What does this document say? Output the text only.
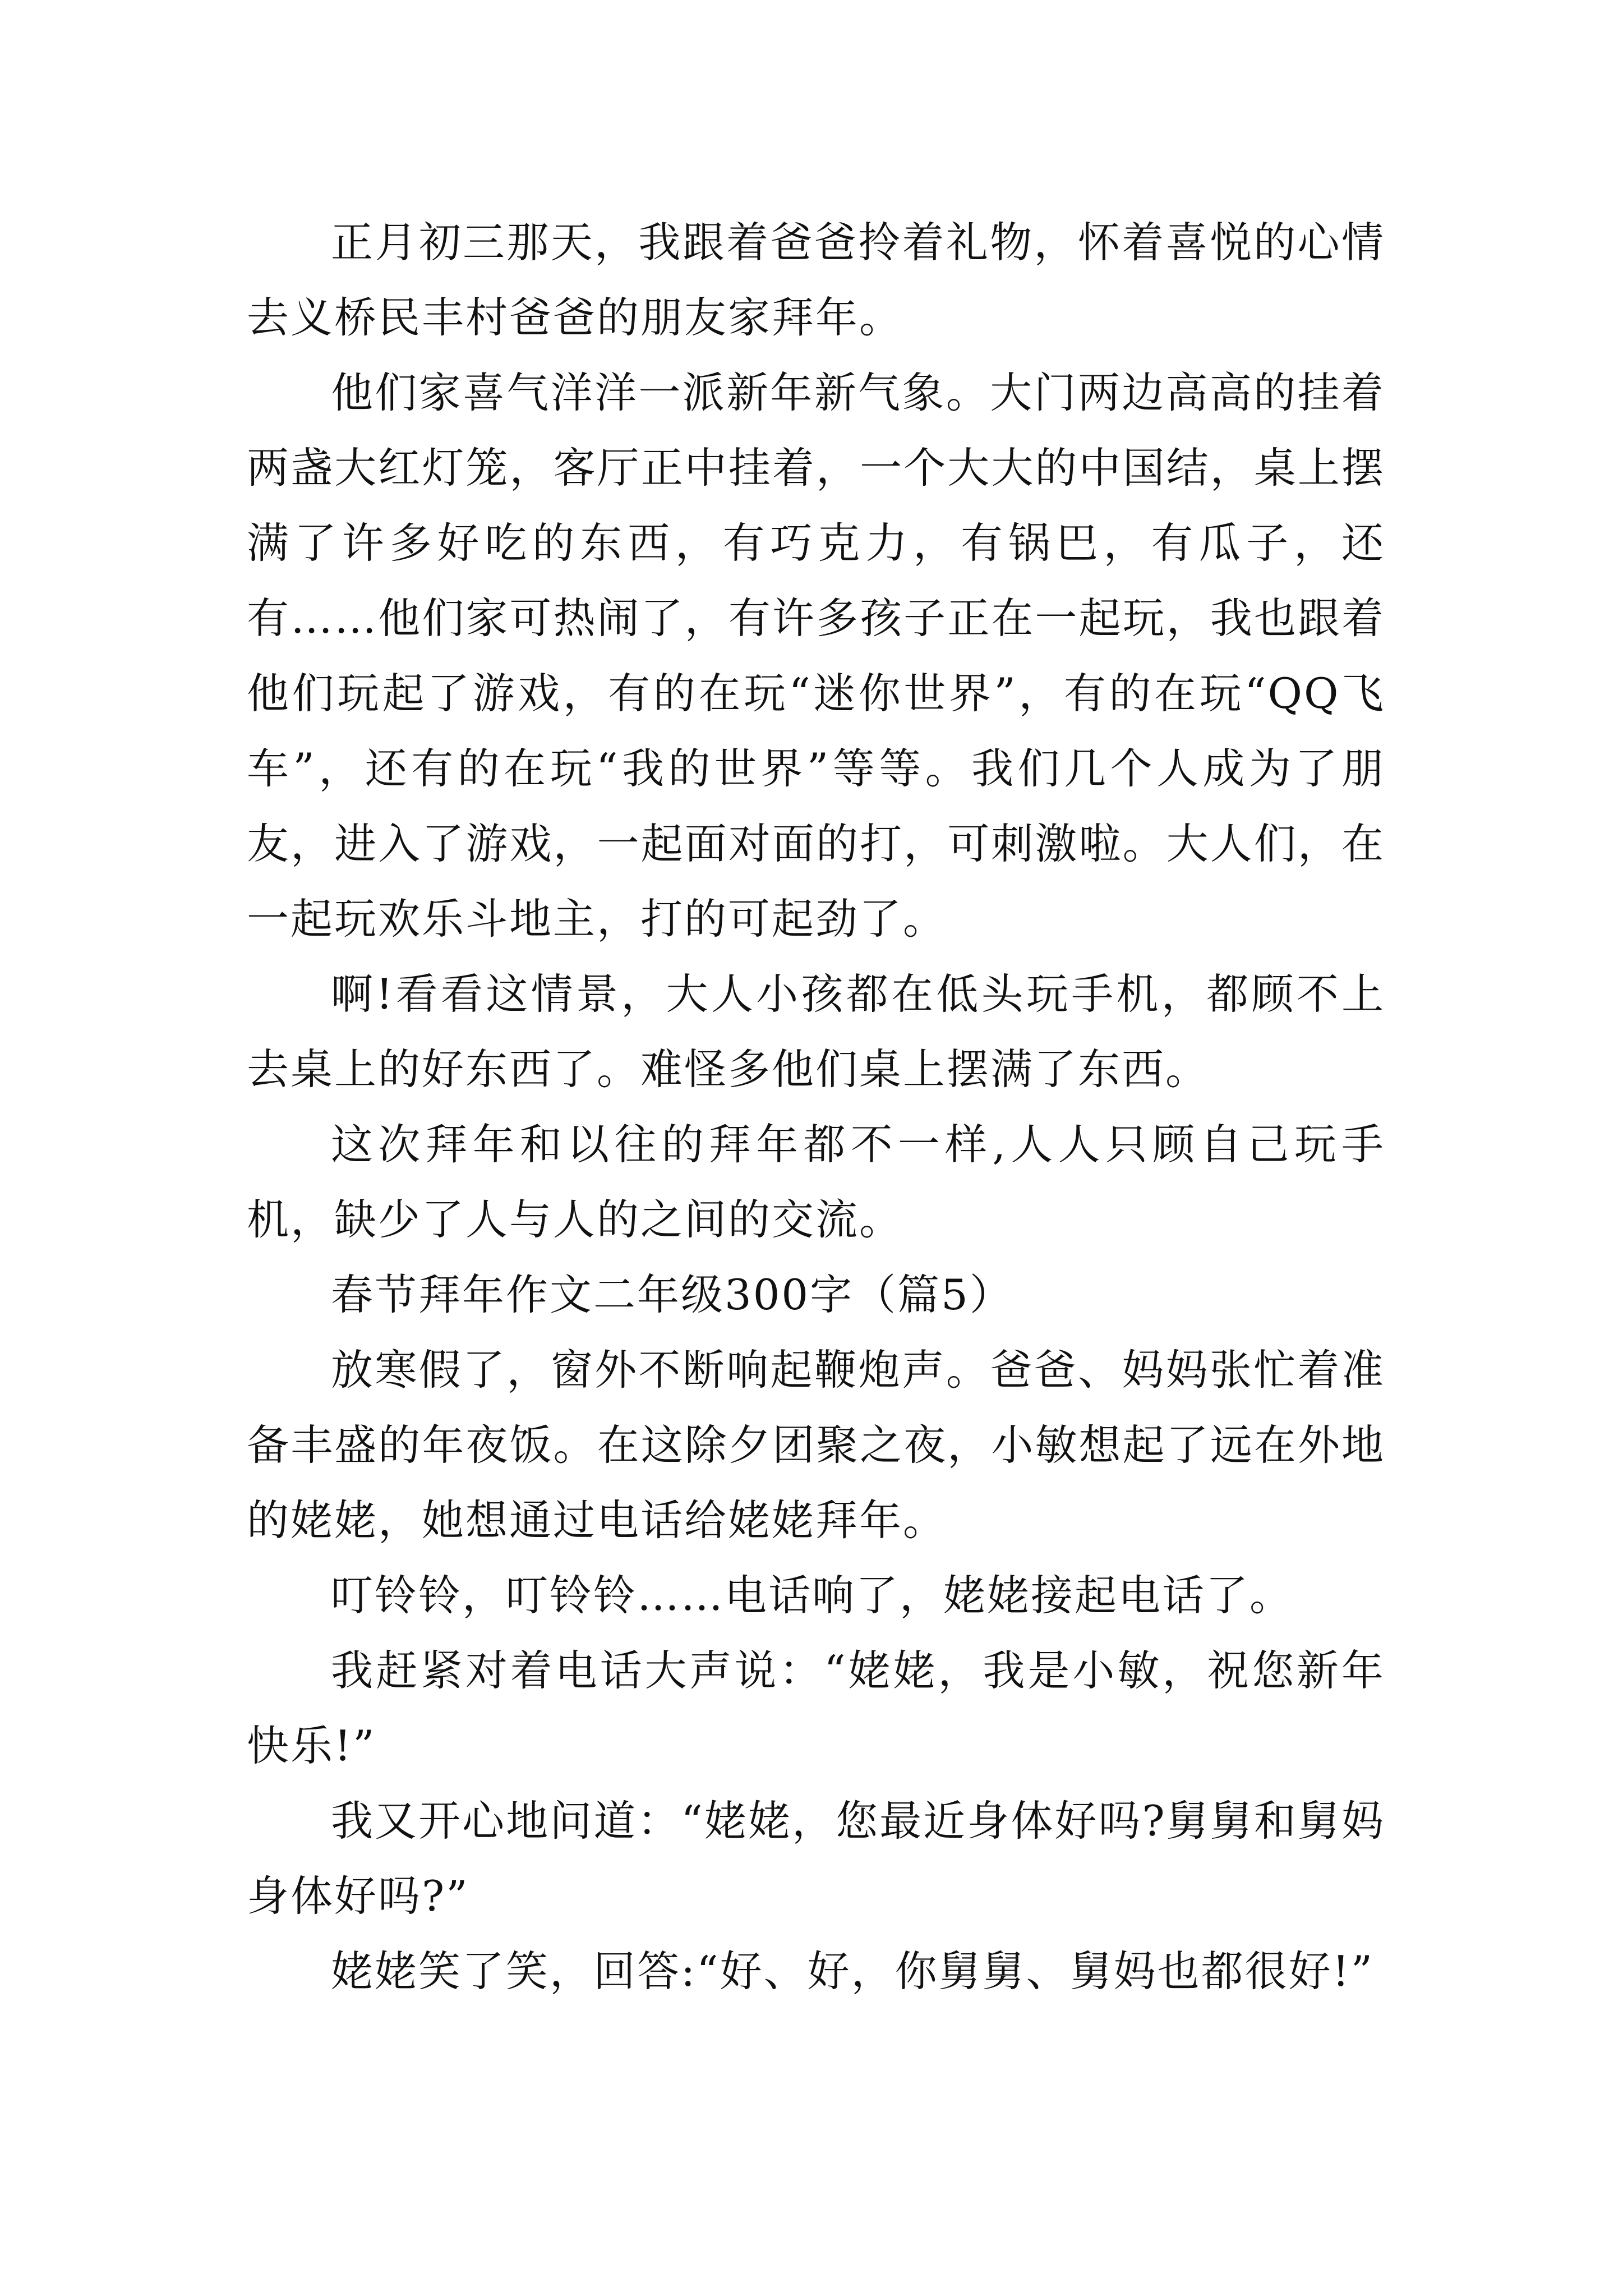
正月初三那天，我跟着爸爸拎着礼物，怀着喜悦的心情去义桥民丰村爸爸的朋友家拜年。

他们家喜气洋洋一派新年新气象。大门两边高高的挂着两盏大红灯笼，客厅正中挂着，一个大大的中国结，桌上摆满了许多好吃的东西，有巧克力，有锅巴，有瓜子，还有……他们家可热闹了，有许多孩子正在一起玩，我也跟着他们玩起了游戏，有的在玩“迷你世界”，有的在玩“QQ飞车”，还有的在玩“我的世界”等等。我们几个人成为了朋友，进入了游戏，一起面对面的打，可刺激啦。大人们，在一起玩欢乐斗地主，打的可起劲了。

啊!看看这情景，大人小孩都在低头玩手机，都顾不上去桌上的好东西了。难怪多他们桌上摆满了东西。

这次拜年和以往的拜年都不一样,人人只顾自己玩手机，缺少了人与人的之间的交流。

春节拜年作文二年级300字（篇5）

放寒假了，窗外不断响起鞭炮声。爸爸、妈妈张忙着准备丰盛的年夜饭。在这除夕团聚之夜，小敏想起了远在外地的姥姥，她想通过电话给姥姥拜年。

叮铃铃，叮铃铃……电话响了，姥姥接起电话了。

我赶紧对着电话大声说：“姥姥，我是小敏，祝您新年快乐!”

我又开心地问道：“姥姥，您最近身体好吗?舅舅和舅妈身体好吗?”

姥姥笑了笑，回答:“好、好，你舅舅、舅妈也都很好!”
